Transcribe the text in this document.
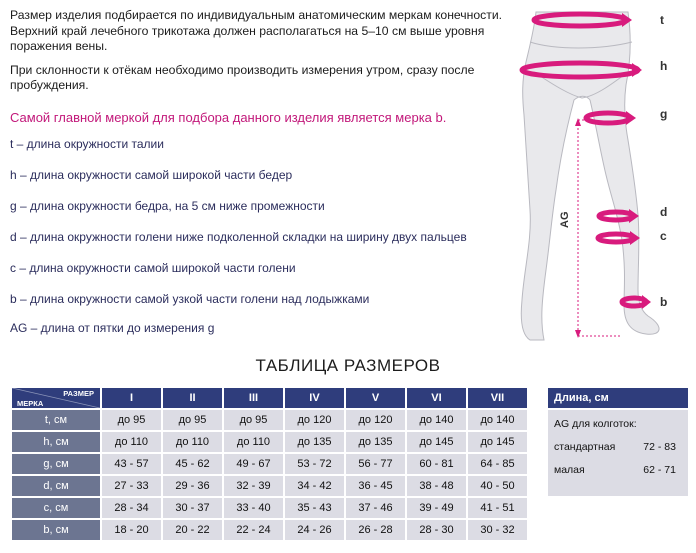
Размер изделия подбирается по индивидуальным анатомическим меркам конечности. Верхний край лечебного трикотажа должен располагаться на 5–10 см выше уровня поражения вены.

При склонности к отёкам необходимо производить измерения утром, сразу после пробуждения.

Самой главной меркой для подбора данного изделия является мерка b.
t – длина окружности талии
h – длина окружности самой широкой части бедер
g – длина окружности бедра, на 5 см ниже промежности
d – длина окружности голени ниже подколенной складки на ширину двух пальцев
c – длина окружности самой широкой части голени
b – длина окружности самой узкой части голени над лодыжками
AG – длина от пятки до измерения g
AG
t
h
g
d
c
b
ТАБЛИЦА РАЗМЕРОВ
РАЗМЕР
МЕРКА	I	II	III	IV	V	VI	VII
t, см	до 95	до 95	до 95	до 120	до 120	до 140	до 140
h, см	до 110	до 110	до 110	до 135	до 135	до 145	до 145
g, см	43 - 57	45 - 62	49 - 67	53 - 72	56 - 77	60 - 81	64 - 85
d, см	27 - 33	29 - 36	32 - 39	34 - 42	36 - 45	38 - 48	40 - 50
c, см	28 - 34	30 - 37	33 - 40	35 - 43	37 - 46	39 - 49	41 - 51
b, см	18 - 20	20 - 22	22 - 24	24 - 26	26 - 28	28 - 30	30 - 32
Длина, см
AG для колготок:
стандартная	72 - 83
малая	62 - 71
